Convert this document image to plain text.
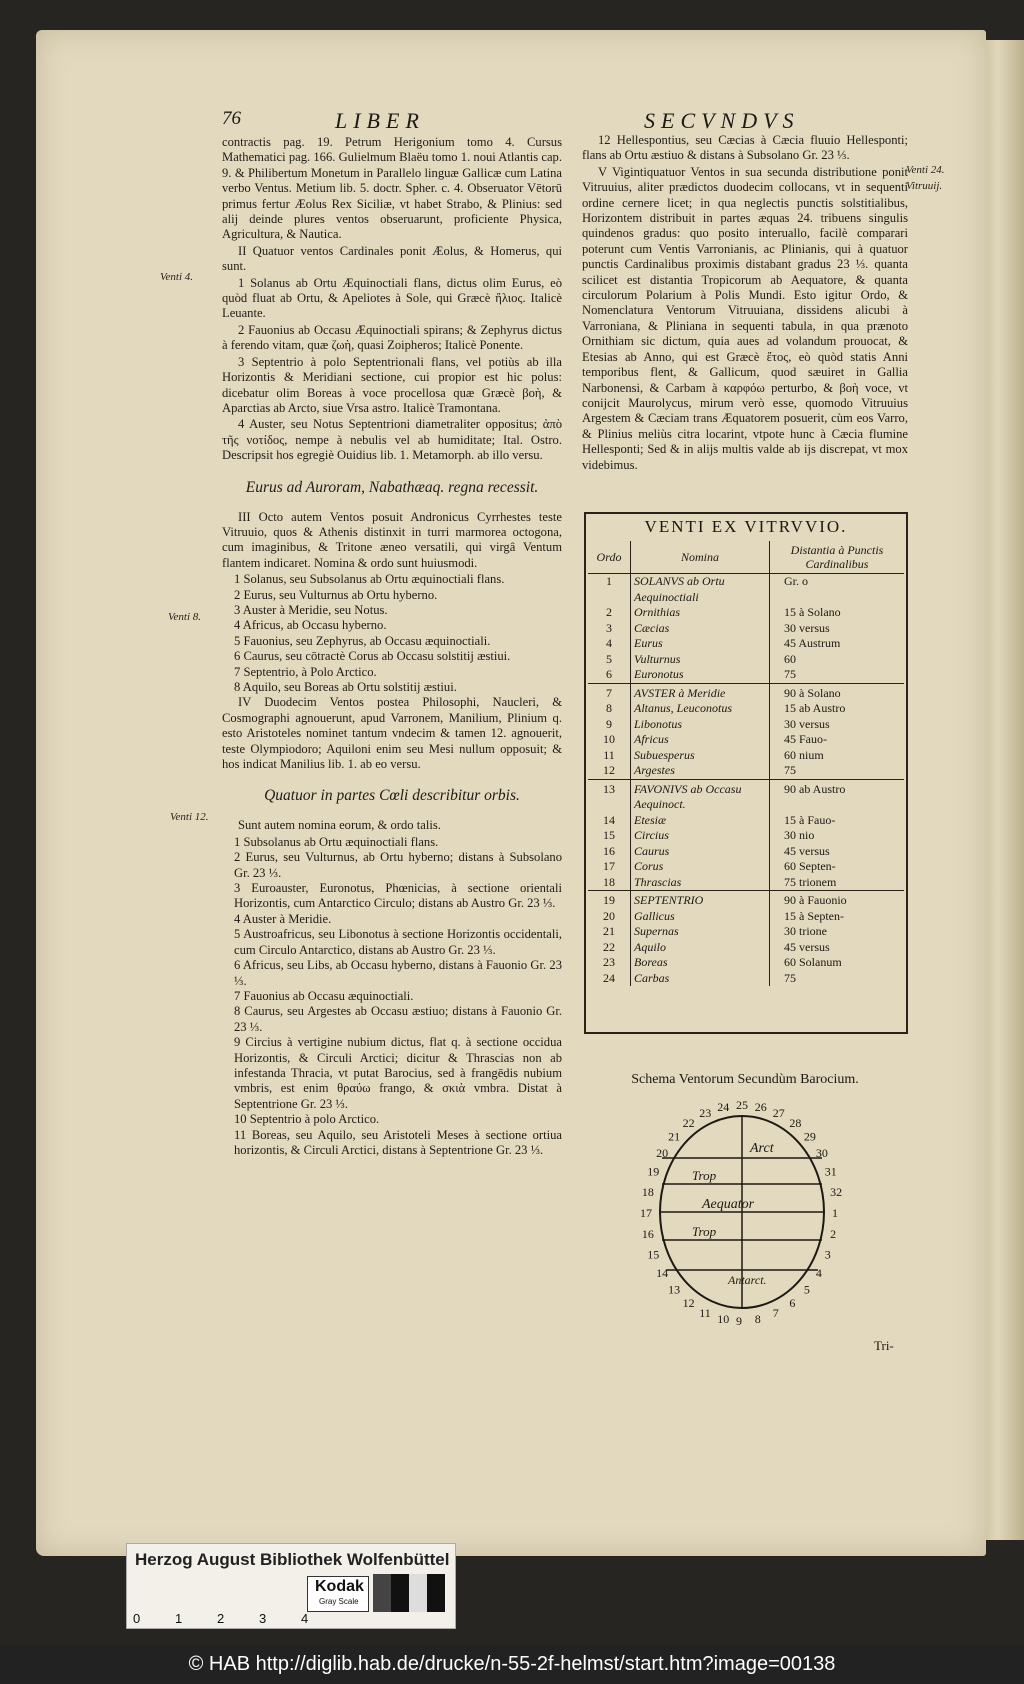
76	LIBER	SECVNDVS
Venti 4.
Venti 8.
Venti 12.
Venti 24.
Vitruuij.

contractis pag. 19. Petrum Herigonium tomo 4. Cursus Mathematici pag. 166. Gulielmum Blaëu tomo 1. noui Atlantis cap. 9. & Philibertum Monetum in Parallelo linguæ Gallicæ cum Latina verbo Ventus. Metium lib. 5. doctr. Spher. c. 4. Obseruator Vētorū primus fertur Æolus Rex Siciliæ, vt habet Strabo, & Plinius: sed alij deinde plures ventos obseruarunt, proficiente Physica, Agricultura, & Nautica.

II Quatuor ventos Cardinales ponit Æolus, & Homerus, qui sunt.

1 Solanus ab Ortu Æquinoctiali flans, dictus olim Eurus, eò quòd fluat ab Ortu, & Apeliotes à Sole, qui Græcè ἥλιος. Italicè Leuante.

2 Fauonius ab Occasu Æquinoctiali spirans; & Zephyrus dictus à ferendo vitam, quæ ζωὴ, quasi Zoipheros; Italicè Ponente.

3 Septentrio à polo Septentrionali flans, vel potiùs ab illa Horizontis & Meridiani sectione, cui propior est hic polus: dicebatur olim Boreas à voce procellosa quæ Græcè βοὴ, & Aparctias ab Arcto, siue Vrsa astro. Italicè Tramontana.

4 Auster, seu Notus Septentrioni diametraliter oppositus; ἀπὸ τῆς νοτίδος, nempe à nebulis vel ab humiditate; Ital. Ostro. Descripsit hos egregiè Ouidius lib. 1. Metamorph. ab illo versu.

Eurus ad Auroram, Nabathæaq. regna recessit.

III Octo autem Ventos posuit Andronicus Cyrrhestes teste Vitruuio, quos & Athenis distinxit in turri marmorea octogona, cum imaginibus, & Tritone æneo versatili, qui virgâ Ventum flantem indicaret. Nomina & ordo sunt huiusmodi.

1 Solanus, seu Subsolanus ab Ortu æquinoctiali flans.
2 Eurus, seu Vulturnus ab Ortu hyberno.
3 Auster à Meridie, seu Notus.
4 Africus, ab Occasu hyberno.
5 Fauonius, seu Zephyrus, ab Occasu æquinoctiali.
6 Caurus, seu cōtractè Corus ab Occasu solstitij æstiui.
7 Septentrio, à Polo Arctico.
8 Aquilo, seu Boreas ab Ortu solstitij æstiui.

IV Duodecim Ventos postea Philosophi, Naucleri, & Cosmographi agnouerunt, apud Varronem, Manilium, Plinium q. esto Aristoteles nominet tantum vndecim & tamen 12. agnouerit, teste Olympiodoro; Aquiloni enim seu Mesi nullum opposuit; & hos indicat Manilius lib. 1. ab eo versu.

Quatuor in partes Cœli describitur orbis.

Sunt autem nomina eorum, & ordo talis.

1 Subsolanus ab Ortu æquinoctiali flans.
2 Eurus, seu Vulturnus, ab Ortu hyberno; distans à Subsolano Gr. 23 ⅓.
3 Euroauster, Euronotus, Phœnicias, à sectione orientali Horizontis, cum Antarctico Circulo; distans ab Austro Gr. 23 ⅓.
4 Auster à Meridie.
5 Austroafricus, seu Libonotus à sectione Horizontis occidentali, cum Circulo Antarctico, distans ab Austro Gr. 23 ⅓.
6 Africus, seu Libs, ab Occasu hyberno, distans à Fauonio Gr. 23 ⅓.
7 Fauonius ab Occasu æquinoctiali.
8 Caurus, seu Argestes ab Occasu æstiuo; distans à Fauonio Gr. 23 ⅓.
9 Circius à vertigine nubium dictus, flat q. à sectione occidua Horizontis, & Circuli Arctici; dicitur & Thrascias non ab infestanda Thracia, vt putat Barocius, sed à frangēdis nubium vmbris, est enim θραύω frango, & σκιὰ vmbra. Distat à Septentrione Gr. 23 ⅓.
10 Septentrio à polo Arctico.
11 Boreas, seu Aquilo, seu Aristoteli Meses à sectione ortiua horizontis, & Circuli Arctici, distans à Septentrione Gr. 23 ⅓.

12 Hellespontius, seu Cæcias à Cæcia fluuio Hellesponti; flans ab Ortu æstiuo & distans à Subsolano Gr. 23 ⅓.

V Vigintiquatuor Ventos in sua secunda distributione ponit Vitruuius, aliter prædictos duodecim collocans, vt in sequenti ordine cernere licet; in qua neglectis punctis solstitialibus, Horizontem distribuit in partes æquas 24. tribuens singulis quindenos gradus: quo posito interuallo, facilè comparari poterunt cum Ventis Varronianis, ac Plinianis, qui à quatuor punctis Cardinalibus proximis distabant gradus 23 ⅓. quanta scilicet est distantia Tropicorum ab Aequatore, & quanta circulorum Polarium à Polis Mundi. Esto igitur Ordo, & Nomenclatura Ventorum Vitruuiana, dissidens alicubi à Varroniana, & Pliniana in sequenti tabula, in qua prænoto Ornithiam sic dictum, quia aues ad volandum prouocat, & Etesias ab Anno, qui est Græcè ἔτος, eò quòd statis Anni temporibus flent, & Gallicum, quod sæuiret in Gallia Narbonensi, & Carbam à καρφόω perturbo, & βοὴ voce, vt conijcit Maurolycus, mirum verò esse, quomodo Vitruuius Argestem & Cæciam trans Æquatorem posuerit, cùm eos Varro, & Plinius meliùs citra locarint, vtpote hunc à Cæcia flumine Hellesponti; Sed & in alijs multis valde ab ijs discrepat, vt mox videbimus.

VENTI EX VITRVVIO.
Ordo	Nomina	Distantia à Punctis Cardinalibus
1	SOLANVS ab Ortu Aequinoctiali	Gr. o
2	Ornithias	15 à Solano
3	Cæcias	30 versus
4	Eurus	45 Austrum
5	Vulturnus	60
6	Euronotus	75
7	AVSTER à Meridie	90 à Solano
8	Altanus, Leuconotus	15 ab Austro
9	Libonotus	30 versus
10	Africus	45 Fauo-
11	Subuesperus	60 nium
12	Argestes	75
13	FAVONIVS ab Occasu Aequinoct.	90 ab Austro
14	Etesiæ	15 à Fauo-
15	Circius	30 nio
16	Caurus	45 versus
17	Corus	60 Septen-
18	Thrascias	75 trionem
19	SEPTENTRIO	90 à Fauonio
20	Gallicus	15 à Septen-
21	Supernas	30 trione
22	Aquilo	45 versus
23	Boreas	60 Solanum
24	Carbas	75
Schema Ventorum Secundùm Barocium.
Arct
Trop
Aequator
Trop
Antarct.
1
2
3
4
5
6
7
8
9
10
11
12
13
14
15
16
17
18
19
20
21
22
23 24 25 26 27
28
29
30
31
32
Tri-
Herzog August Bibliothek Wolfenbüttel
Kodak
Gray Scale
0	1	2	3	4
© HAB http://diglib.hab.de/drucke/n-55-2f-helmst/start.htm?image=00138
